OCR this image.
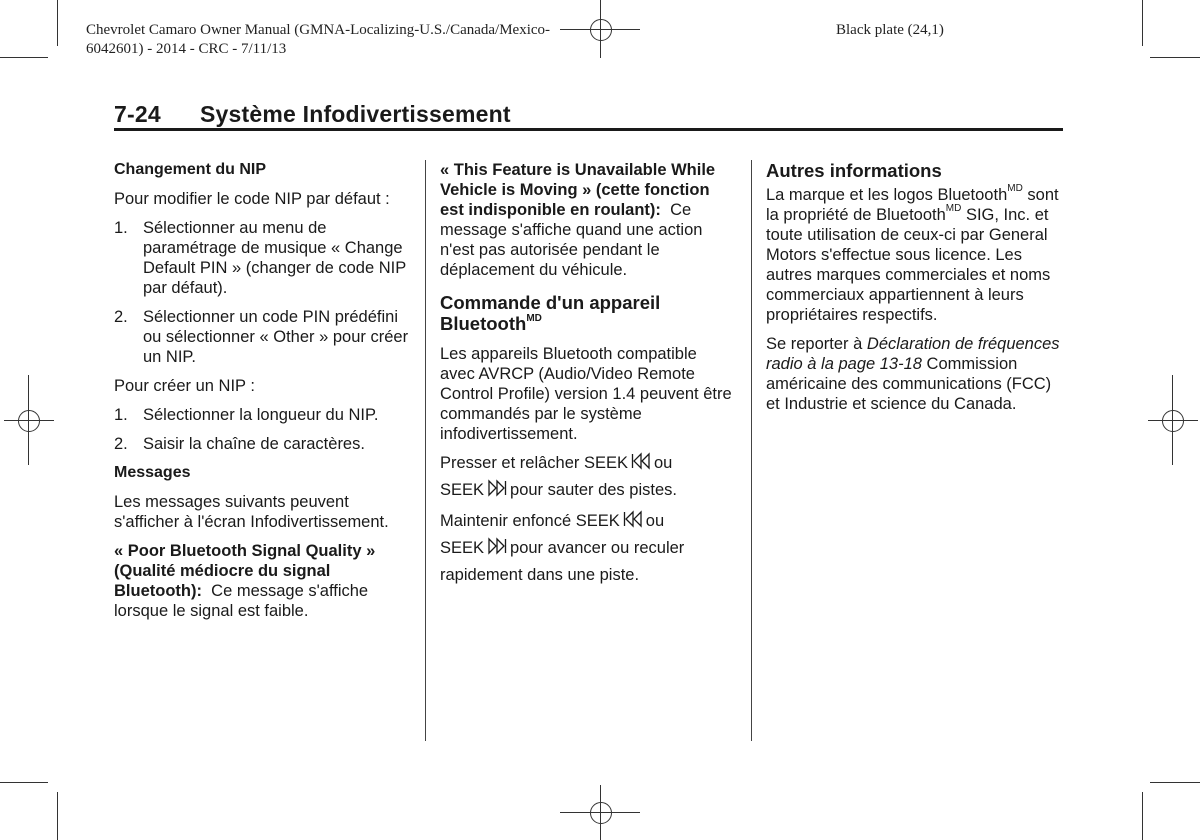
Chevrolet Camaro Owner Manual (GMNA-Localizing-U.S./Canada/Mexico-
6042601) - 2014 - CRC - 7/11/13
Black plate (24,1)
7-24 Système Infodivertissement
Changement du NIP

Pour modifier le code NIP par défaut :

1. Sélectionner au menu de paramétrage de musique « Change Default PIN » (changer de code NIP par défaut).
2. Sélectionner un code PIN prédéfini ou sélectionner « Other » pour créer un NIP.

Pour créer un NIP :

1. Sélectionner la longueur du NIP.
2. Saisir la chaîne de caractères.
Messages

Les messages suivants peuvent s'afficher à l'écran Infodivertissement.

« Poor Bluetooth Signal Quality » (Qualité médiocre du signal Bluetooth): Ce message s'affiche lorsque le signal est faible.

« This Feature is Unavailable While Vehicle is Moving » (cette fonction est indisponible en roulant): Ce message s'affiche quand une action n'est pas autorisée pendant le déplacement du véhicule.

Commande d'un appareil Bluetooth$^{MD}$

Les appareils Bluetooth compatible avec AVRCP (Audio/Video Remote Control Profile) version 1.4 peuvent être commandés par le système infodivertissement.

Presser et relâcher SEEK ou
SEEK pour sauter des pistes.

Maintenir enfoncé SEEK ou
SEEK pour avancer ou reculer rapidement dans une piste.

Autres informations

La marque et les logos Bluetooth$^{MD}$ sont la propriété de Bluetooth$^{MD}$ SIG, Inc. et toute utilisation de ceux-ci par General Motors s'effectue sous licence. Les autres marques commerciales et noms commerciaux appartiennent à leurs propriétaires respectifs.

Se reporter à Déclaration de fréquences radio à la page 13-18 Commission américaine des communications (FCC) et Industrie et science du Canada.
